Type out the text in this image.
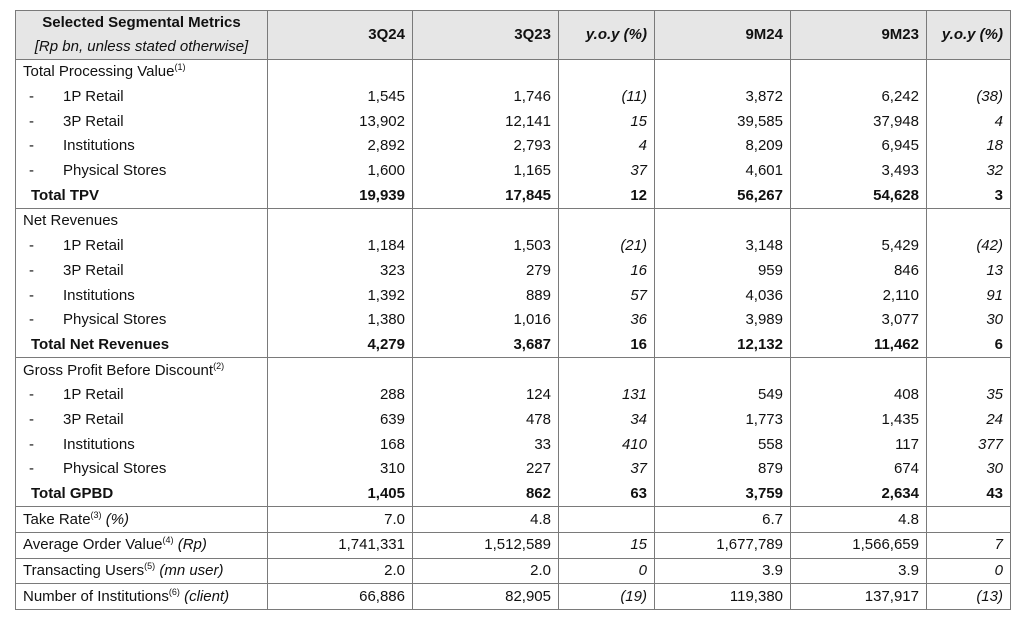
Selected Segmental Metrics
[Rp bn, unless stated otherwise]	3Q24	3Q23	y.o.y (%)	9M24	9M23	y.o.y (%)
Total Processing Value$^{(1)}$						
- 1P Retail	1,545	1,746	(11)	3,872	6,242	(38)
- 3P Retail	13,902	12,141	15	39,585	37,948	4
- Institutions	2,892	2,793	4	8,209	6,945	18
- Physical Stores	1,600	1,165	37	4,601	3,493	32
Total TPV	19,939	17,845	12	56,267	54,628	3
Net Revenues						
- 1P Retail	1,184	1,503	(21)	3,148	5,429	(42)
- 3P Retail	323	279	16	959	846	13
- Institutions	1,392	889	57	4,036	2,110	91
- Physical Stores	1,380	1,016	36	3,989	3,077	30
Total Net Revenues	4,279	3,687	16	12,132	11,462	6
Gross Profit Before Discount$^{(2)}$						
- 1P Retail	288	124	131	549	408	35
- 3P Retail	639	478	34	1,773	1,435	24
- Institutions	168	33	410	558	117	377
- Physical Stores	310	227	37	879	674	30
Total GPBD	1,405	862	63	3,759	2,634	43
Take Rate$^{(3)}$ (%)	7.0	4.8		6.7	4.8	
Average Order Value$^{(4)}$ (Rp)	1,741,331	1,512,589	15	1,677,789	1,566,659	7
Transacting Users$^{(5)}$ (mn user)	2.0	2.0	0	3.9	3.9	0
Number of Institutions$^{(6)}$ (client)	66,886	82,905	(19)	119,380	137,917	(13)
